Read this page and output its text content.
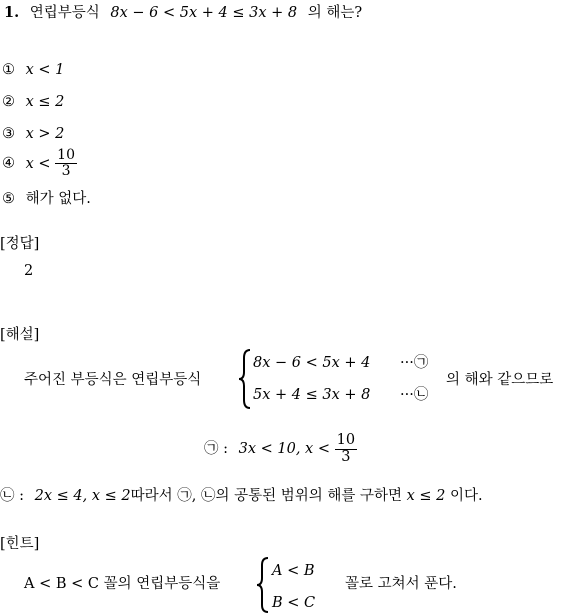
1. 연립부등식 8x − 6 < 5x + 4 ≤ 3x + 8 의 해는?
① x < 1
② x ≤ 2
③ x > 2
④ $x < \frac{10}{3}$
⑤ 해가 없다.
[정답]
2
[해설]
주어진 부등식은 연립부등식
8x − 6 < 5x + 4 ···㉠
5x + 4 ≤ 3x + 8 ···㉡
의 해와 같으므로
㉠ : 3x < 10, $x < \frac{10}{3}$
㉡ : 2x ≤ 4, x ≤ 2따라서 ㉠, ㉡의 공통된 범위의 해를 구하면 x ≤ 2 이다.
[힌트]
A < B < C 꼴의 연립부등식을
A < B
B < C
꼴로 고쳐서 푼다.
